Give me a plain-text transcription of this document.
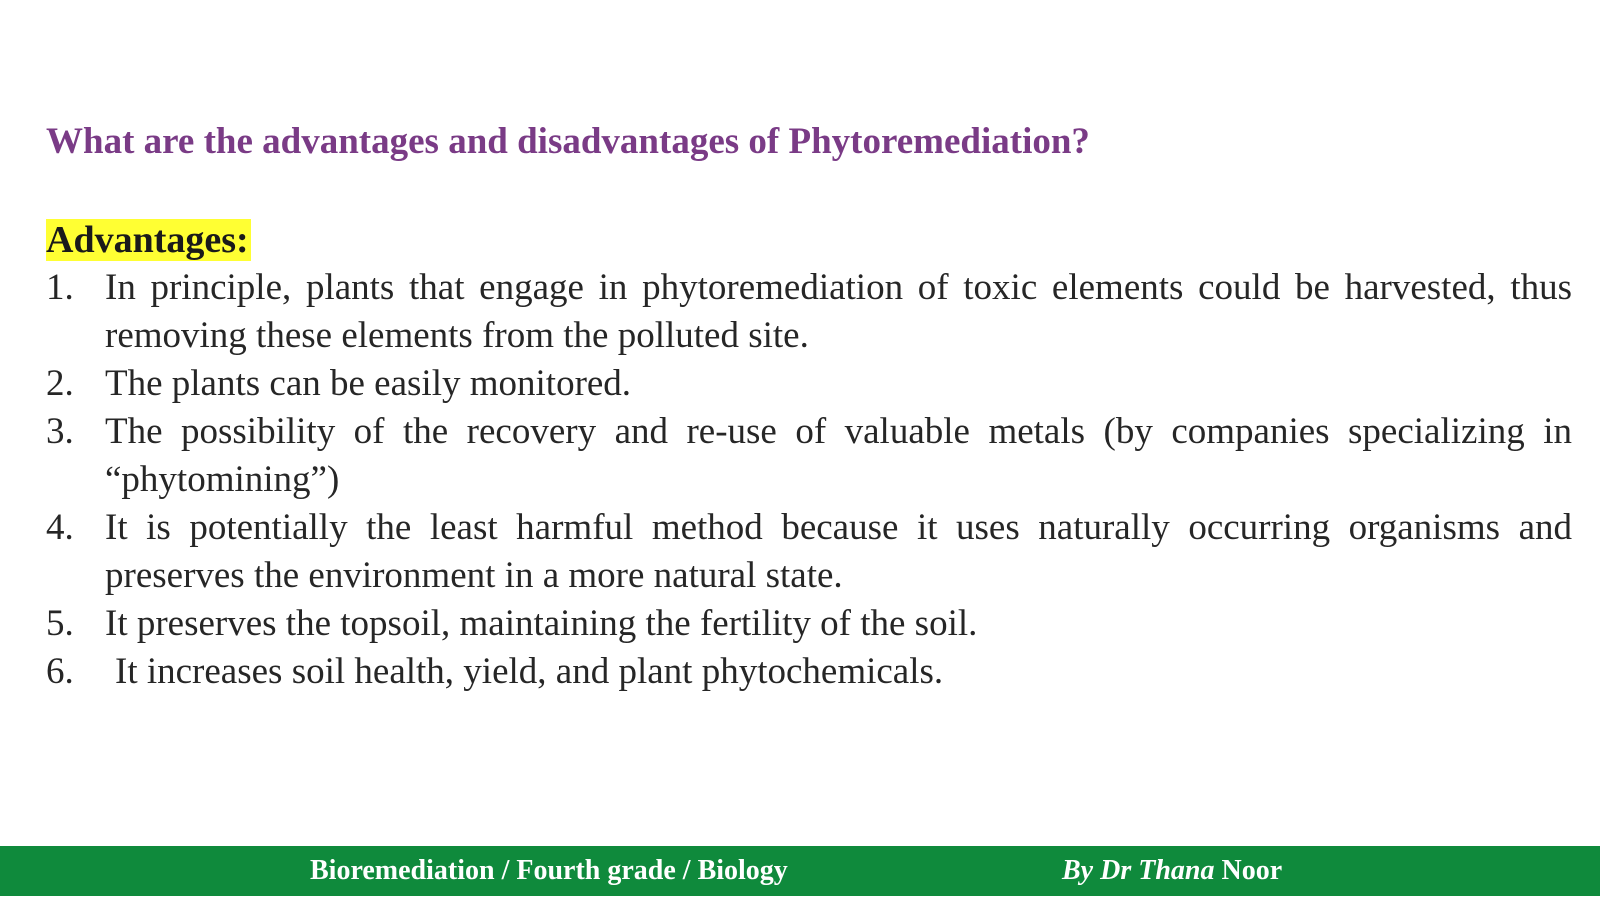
What are the advantages and disadvantages of Phytoremediation?
Advantages:
1. In principle, plants that engage in phytoremediation of toxic elements could be harvested, thus removing these elements from the polluted site.
2. The plants can be easily monitored.
3. The possibility of the recovery and re-use of valuable metals (by companies specializing in “phytomining”)
4. It is potentially the least harmful method because it uses naturally occurring organisms and preserves the environment in a more natural state.
5. It preserves the topsoil, maintaining the fertility of the soil.
6.	It increases soil health, yield, and plant phytochemicals.
Bioremediation / Fourth grade / Biology	By Dr Thana Noor
